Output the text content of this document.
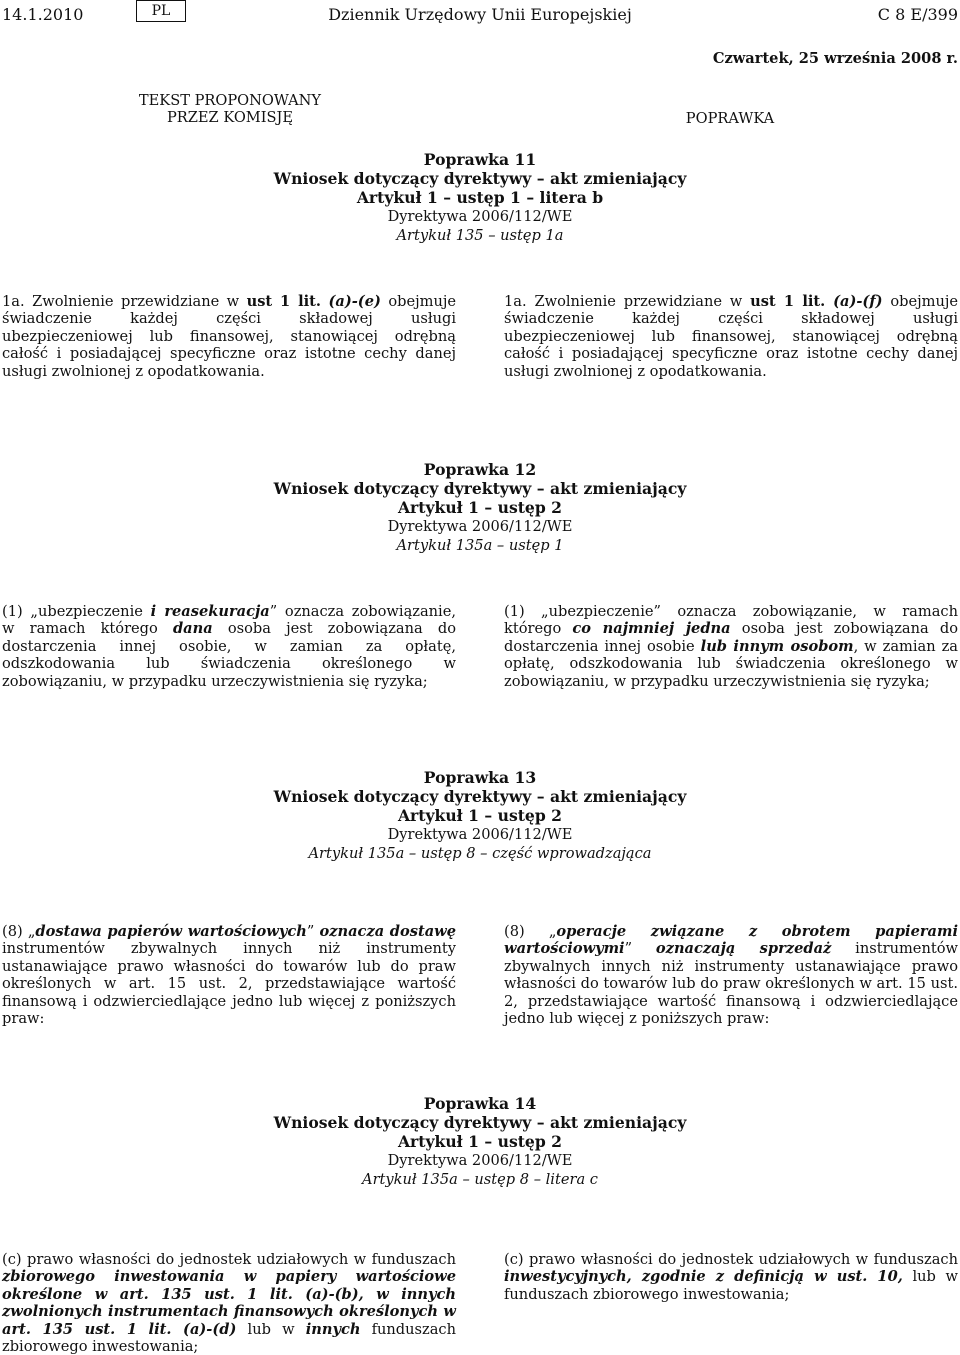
14.1.2010	PL	Dziennik Urzędowy Unii Europejskiej	C 8 E/399
Czwartek, 25 września 2008 r.
TEKST PROPONOWANY
PRZEZ KOMISJĘ	POPRAWKA
Poprawka 11
Wniosek dotyczący dyrektywy – akt zmieniający
Artykuł 1 – ustęp 1 – litera b
Dyrektywa 2006/112/WE
Artykuł 135 – ustęp 1a

1a. Zwolnienie przewidziane w ust 1 lit. (a)-(e) obejmuje świadczenie każdej części składowej usługi ubezpieczeniowej lub finansowej, stanowiącej odrębną całość i posiadającej specyficzne oraz istotne cechy danej usługi zwolnionej z opodatkowania.

1a. Zwolnienie przewidziane w ust 1 lit. (a)-(f) obejmuje świadczenie każdej części składowej usługi ubezpieczeniowej lub finansowej, stanowiącej odrębną całość i posiadającej specyficzne oraz istotne cechy danej usługi zwolnionej z opodatkowania.

Poprawka 12
Wniosek dotyczący dyrektywy – akt zmieniający
Artykuł 1 – ustęp 2
Dyrektywa 2006/112/WE
Artykuł 135a – ustęp 1

(1) „ubezpieczenie i reasekuracja” oznacza zobowiązanie, w ramach którego dana osoba jest zobowiązana do dostarczenia innej osobie, w zamian za opłatę, odszkodowania lub świadczenia określonego w zobowiązaniu, w przypadku urzeczywistnienia się ryzyka;

(1) „ubezpieczenie” oznacza zobowiązanie, w ramach którego co najmniej jedna osoba jest zobowiązana do dostarczenia innej osobie lub innym osobom, w zamian za opłatę, odszkodowania lub świadczenia określonego w zobowiązaniu, w przypadku urzeczywistnienia się ryzyka;

Poprawka 13
Wniosek dotyczący dyrektywy – akt zmieniający
Artykuł 1 – ustęp 2
Dyrektywa 2006/112/WE
Artykuł 135a – ustęp 8 – część wprowadzająca

(8) „dostawa papierów wartościowych” oznacza dostawę instrumentów zbywalnych innych niż instrumenty ustanawiające prawo własności do towarów lub do praw określonych w art. 15 ust. 2, przedstawiające wartość finansową i odzwierciedlające jedno lub więcej z poniższych praw:

(8) „operacje związane z obrotem papierami wartościowymi” oznaczają sprzedaż instrumentów zbywalnych innych niż instrumenty ustanawiające prawo własności do towarów lub do praw określonych w art. 15 ust. 2, przedstawiające wartość finansową i odzwierciedlające jedno lub więcej z poniższych praw:

Poprawka 14
Wniosek dotyczący dyrektywy – akt zmieniający
Artykuł 1 – ustęp 2
Dyrektywa 2006/112/WE
Artykuł 135a – ustęp 8 – litera c

(c) prawo własności do jednostek udziałowych w funduszach zbiorowego inwestowania w papiery wartościowe określone w art. 135 ust. 1 lit. (a)-(b), w innych zwolnionych instrumentach finansowych określonych w art. 135 ust. 1 lit. (a)-(d) lub w innych funduszach zbiorowego inwestowania;

(c) prawo własności do jednostek udziałowych w funduszach inwestycyjnych, zgodnie z definicją w ust. 10, lub w funduszach zbiorowego inwestowania;
